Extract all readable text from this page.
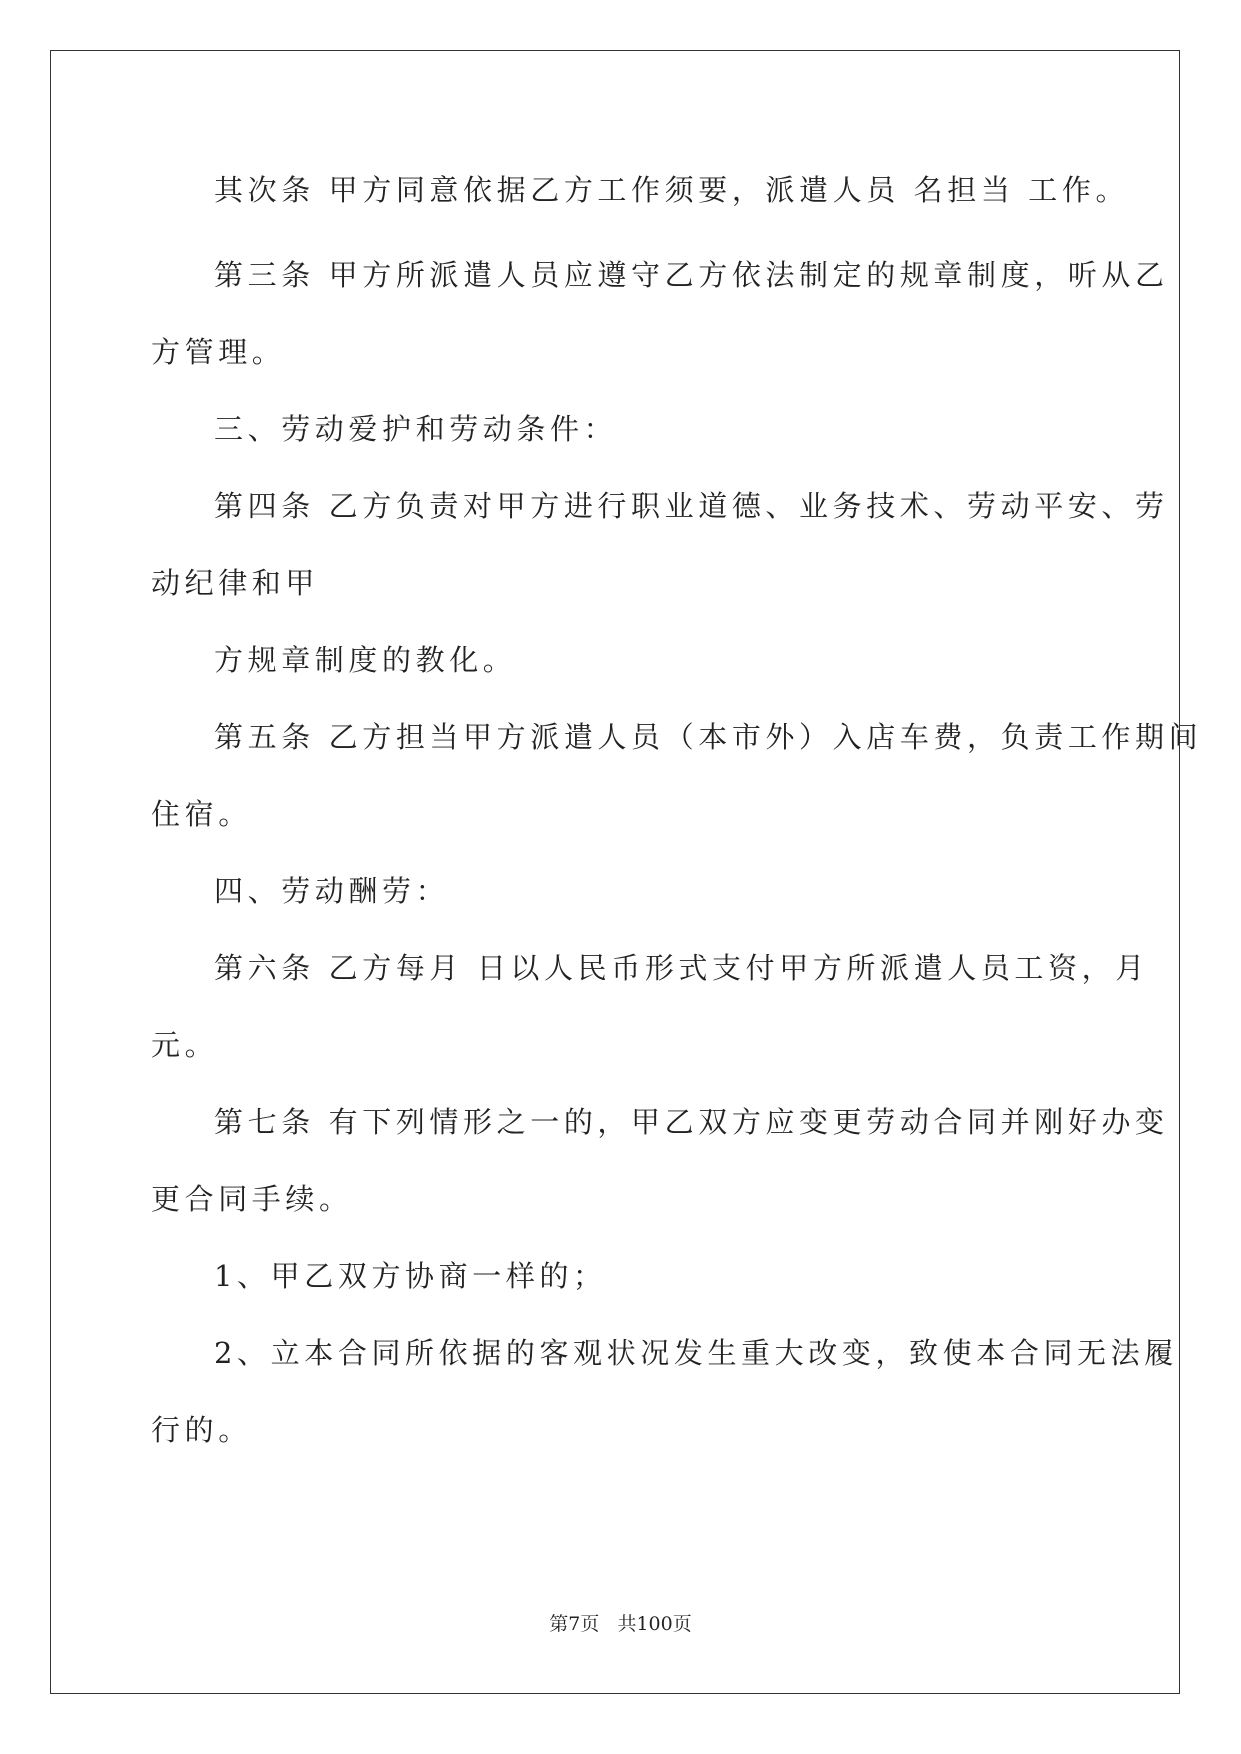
其次条 甲方同意依据乙方工作须要，派遣人员 名担当 工作。
第三条 甲方所派遣人员应遵守乙方依法制定的规章制度，听从乙
方管理。
三、劳动爱护和劳动条件：
第四条 乙方负责对甲方进行职业道德、业务技术、劳动平安、劳
动纪律和甲
方规章制度的教化。
第五条 乙方担当甲方派遣人员（本市外）入店车费，负责工作期间
住宿。
四、劳动酬劳：
第六条 乙方每月 日以人民币形式支付甲方所派遣人员工资，月
元。
第七条 有下列情形之一的，甲乙双方应变更劳动合同并刚好办变
更合同手续。
1、甲乙双方协商一样的；
2、立本合同所依据的客观状况发生重大改变，致使本合同无法履
行的。
第7页   共100页
